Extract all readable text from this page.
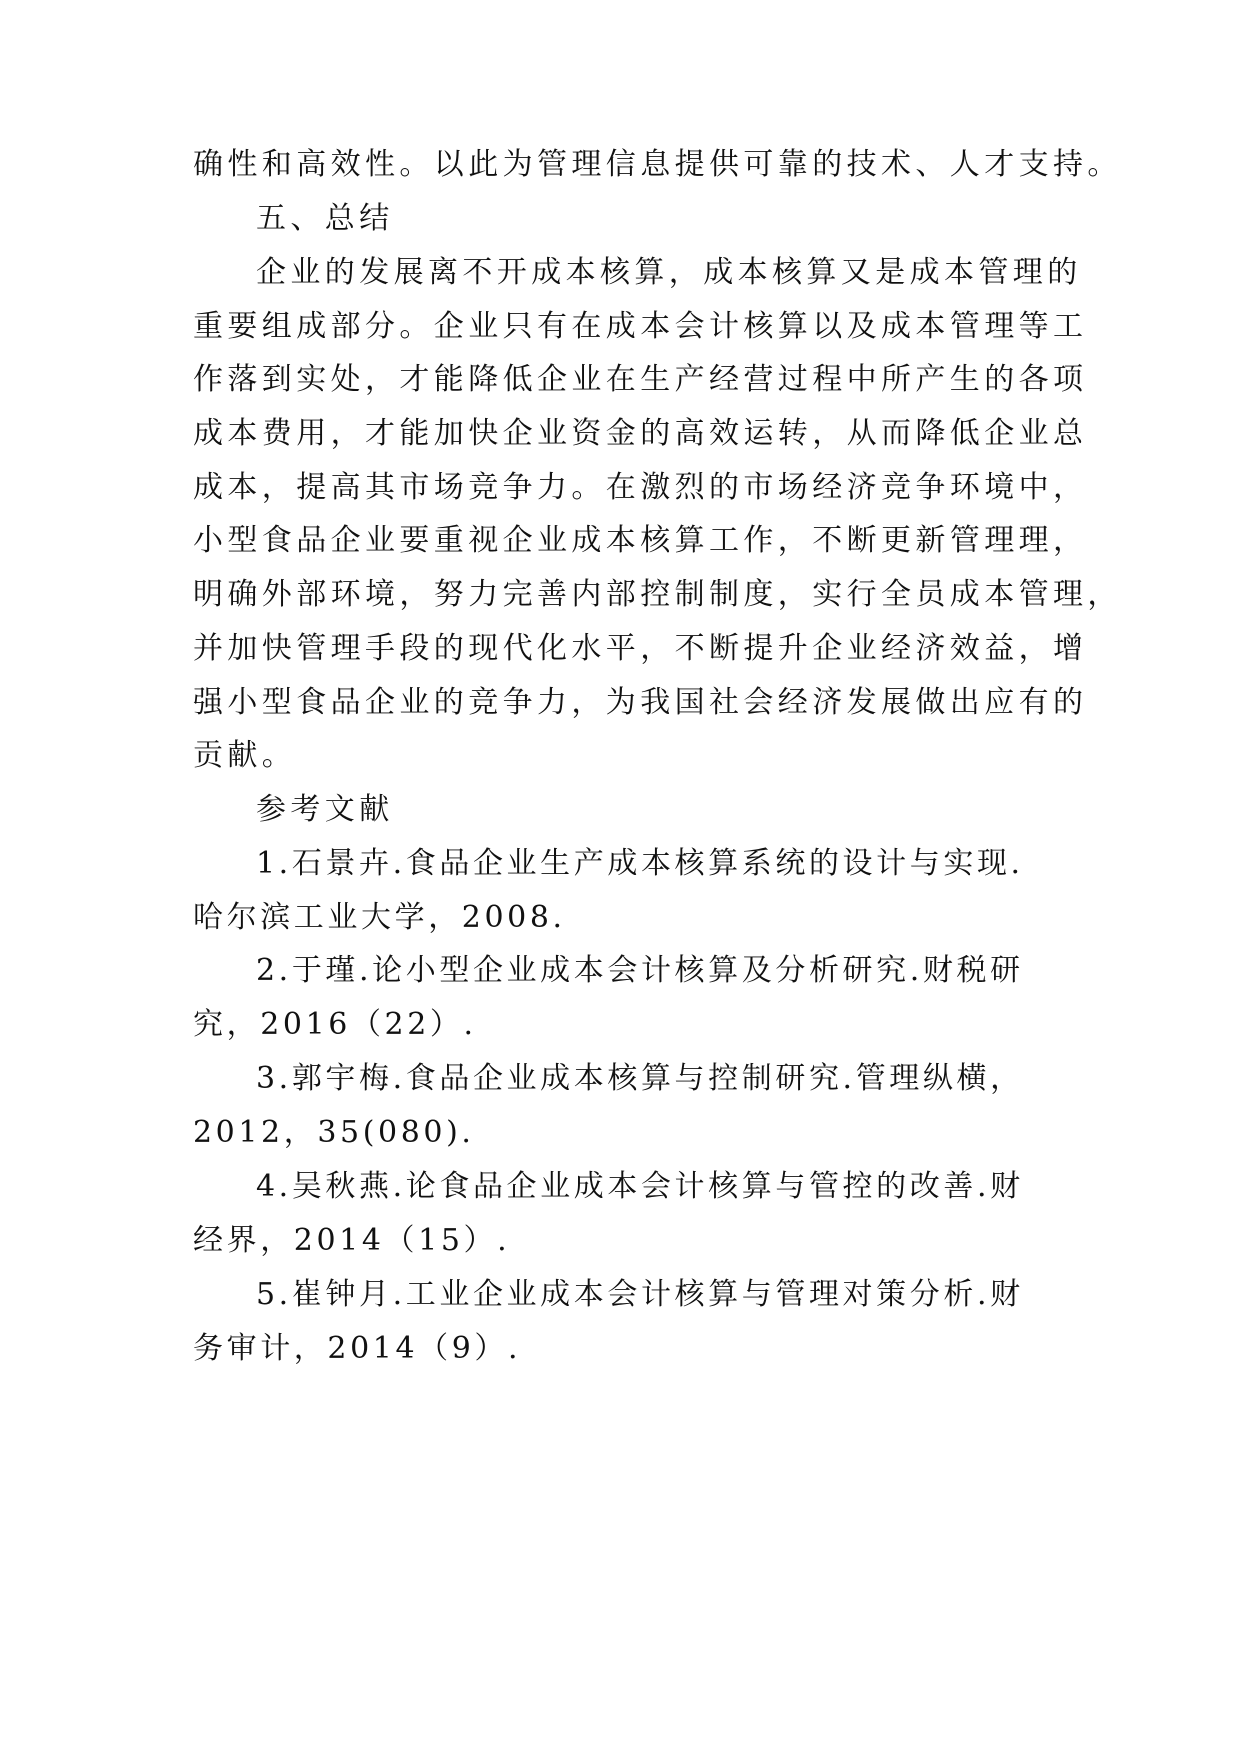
确性和高效性。以此为管理信息提供可靠的技术、人才支持。
五、总结
企业的发展离不开成本核算，成本核算又是成本管理的
重要组成部分。企业只有在成本会计核算以及成本管理等工
作落到实处，才能降低企业在生产经营过程中所产生的各项
成本费用，才能加快企业资金的高效运转，从而降低企业总
成本，提高其市场竞争力。在激烈的市场经济竞争环境中，
小型食品企业要重视企业成本核算工作，不断更新管理理，
明确外部环境，努力完善内部控制制度，实行全员成本管理，
并加快管理手段的现代化水平，不断提升企业经济效益，增
强小型食品企业的竞争力，为我国社会经济发展做出应有的
贡献。
参考文献
1.石景卉.食品企业生产成本核算系统的设计与实现.
哈尔滨工业大学，2008.
2.于瑾.论小型企业成本会计核算及分析研究.财税研
究，2016（22）.
3.郭宇梅.食品企业成本核算与控制研究.管理纵横，
2012，35(080).
4.吴秋燕.论食品企业成本会计核算与管控的改善.财
经界，2014（15）.
5.崔钟月.工业企业成本会计核算与管理对策分析.财
务审计，2014（9）.
